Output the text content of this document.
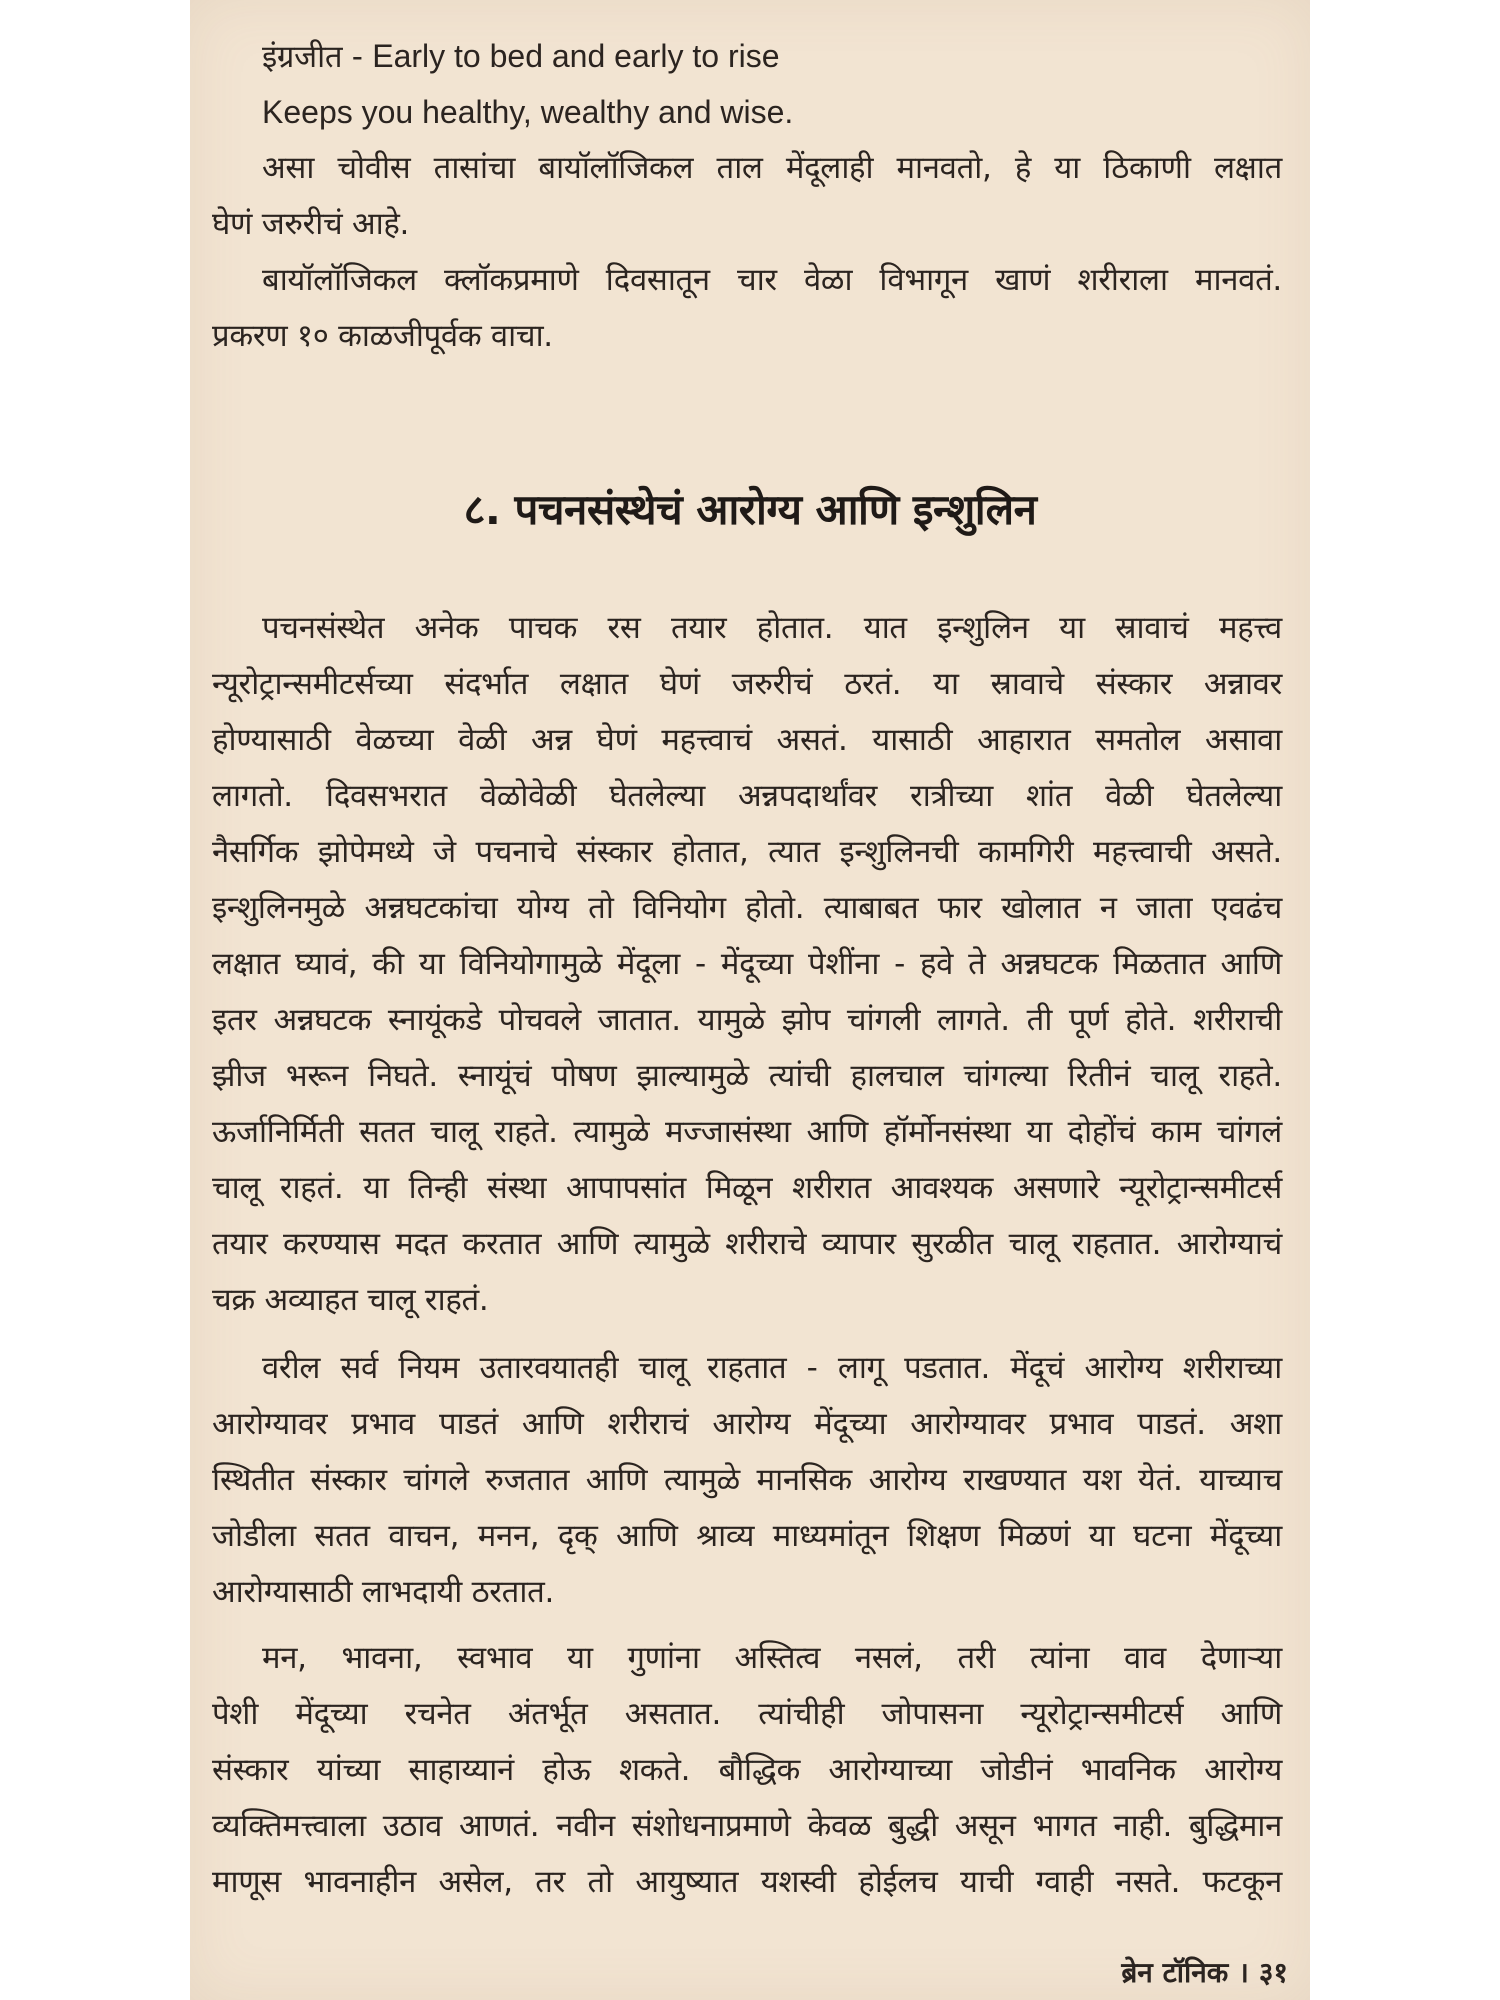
इंग्रजीत - Early to bed and early to rise
Keeps you healthy, wealthy and wise.
असा चोवीस तासांचा बायॉलॉजिकल ताल मेंदूलाही मानवतो, हे या ठिकाणी लक्षात
घेणं जरुरीचं आहे.
बायॉलॉजिकल क्लॉकप्रमाणे दिवसातून चार वेळा विभागून खाणं शरीराला मानवतं.
प्रकरण १० काळजीपूर्वक वाचा.
८. पचनसंस्थेचं आरोग्य आणि इन्शुलिन
पचनसंस्थेत अनेक पाचक रस तयार होतात. यात इन्शुलिन या स्रावाचं महत्त्व
न्यूरोट्रान्समीटर्सच्या संदर्भात लक्षात घेणं जरुरीचं ठरतं. या स्रावाचे संस्कार अन्नावर
होण्यासाठी वेळच्या वेळी अन्न घेणं महत्त्वाचं असतं. यासाठी आहारात समतोल असावा
लागतो. दिवसभरात वेळोवेळी घेतलेल्या अन्नपदार्थांवर रात्रीच्या शांत वेळी घेतलेल्या
नैसर्गिक झोपेमध्ये जे पचनाचे संस्कार होतात, त्यात इन्शुलिनची कामगिरी महत्त्वाची असते.
इन्शुलिनमुळे अन्नघटकांचा योग्य तो विनियोग होतो. त्याबाबत फार खोलात न जाता एवढंच
लक्षात घ्यावं, की या विनियोगामुळे मेंदूला - मेंदूच्या पेशींना - हवे ते अन्नघटक मिळतात आणि
इतर अन्नघटक स्नायूंकडे पोचवले जातात. यामुळे झोप चांगली लागते. ती पूर्ण होते. शरीराची
झीज भरून निघते. स्नायूंचं पोषण झाल्यामुळे त्यांची हालचाल चांगल्या रितीनं चालू राहते.
ऊर्जानिर्मिती सतत चालू राहते. त्यामुळे मज्जासंस्था आणि हॉर्मोनसंस्था या दोहोंचं काम चांगलं
चालू राहतं. या तिन्ही संस्था आपापसांत मिळून शरीरात आवश्यक असणारे न्यूरोट्रान्समीटर्स
तयार करण्यास मदत करतात आणि त्यामुळे शरीराचे व्यापार सुरळीत चालू राहतात. आरोग्याचं
चक्र अव्याहत चालू राहतं.
वरील सर्व नियम उतारवयातही चालू राहतात - लागू पडतात. मेंदूचं आरोग्य शरीराच्या
आरोग्यावर प्रभाव पाडतं आणि शरीराचं आरोग्य मेंदूच्या आरोग्यावर प्रभाव पाडतं. अशा
स्थितीत संस्कार चांगले रुजतात आणि त्यामुळे मानसिक आरोग्य राखण्यात यश येतं. याच्याच
जोडीला सतत वाचन, मनन, दृक् आणि श्राव्य माध्यमांतून शिक्षण मिळणं या घटना मेंदूच्या
आरोग्यासाठी लाभदायी ठरतात.
मन, भावना, स्वभाव या गुणांना अस्तित्व नसलं, तरी त्यांना वाव देणाऱ्या
पेशी मेंदूच्या रचनेत अंतर्भूत असतात. त्यांचीही जोपासना न्यूरोट्रान्समीटर्स आणि
संस्कार यांच्या साहाय्यानं होऊ शकते. बौद्धिक आरोग्याच्या जोडीनं भावनिक आरोग्य
व्यक्तिमत्त्वाला उठाव आणतं. नवीन संशोधनाप्रमाणे केवळ बुद्धी असून भागत नाही. बुद्धिमान
माणूस भावनाहीन असेल, तर तो आयुष्यात यशस्वी होईलच याची ग्वाही नसते. फटकून
ब्रेन टॉनिक । ३१
